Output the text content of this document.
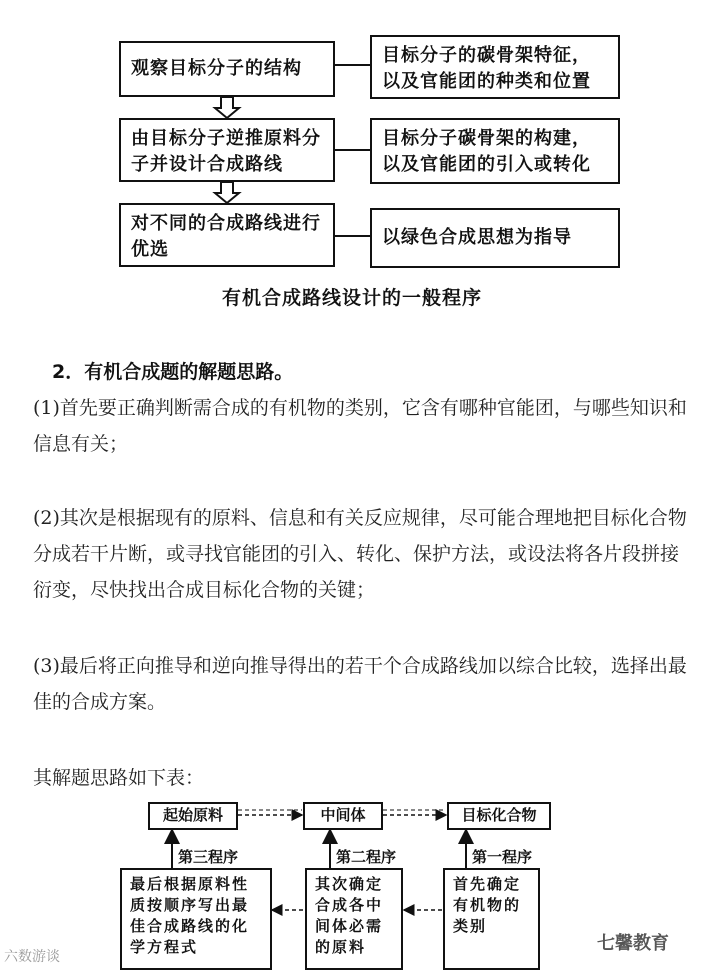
观察目标分子的结构
由目标分子逆推原料分子并设计合成路线
对不同的合成路线进行优选
目标分子的碳骨架特征，以及官能团的种类和位置
目标分子碳骨架的构建，以及官能团的引入或转化
以绿色合成思想为指导
有机合成路线设计的一般程序
2．有机合成题的解题思路。
(1)首先要正确判断需合成的有机物的类别，它含有哪种官能团，与哪些知识和信息有关；
(2)其次是根据现有的原料、信息和有关反应规律，尽可能合理地把目标化合物分成若干片断，或寻找官能团的引入、转化、保护方法，或设法将各片段拼接衍变，尽快找出合成目标化合物的关键；
(3)最后将正向推导和逆向推导得出的若干个合成路线加以综合比较，选择出最佳的合成方案。
其解题思路如下表：
起始原料	中间体	目标化合物
第三程序	第二程序	第一程序
最后根据原料性质按顺序写出最佳合成路线的化学方程式
其次确定合成各中间体必需的原料
首先确定有机物的类别
六数游谈
七馨教育
